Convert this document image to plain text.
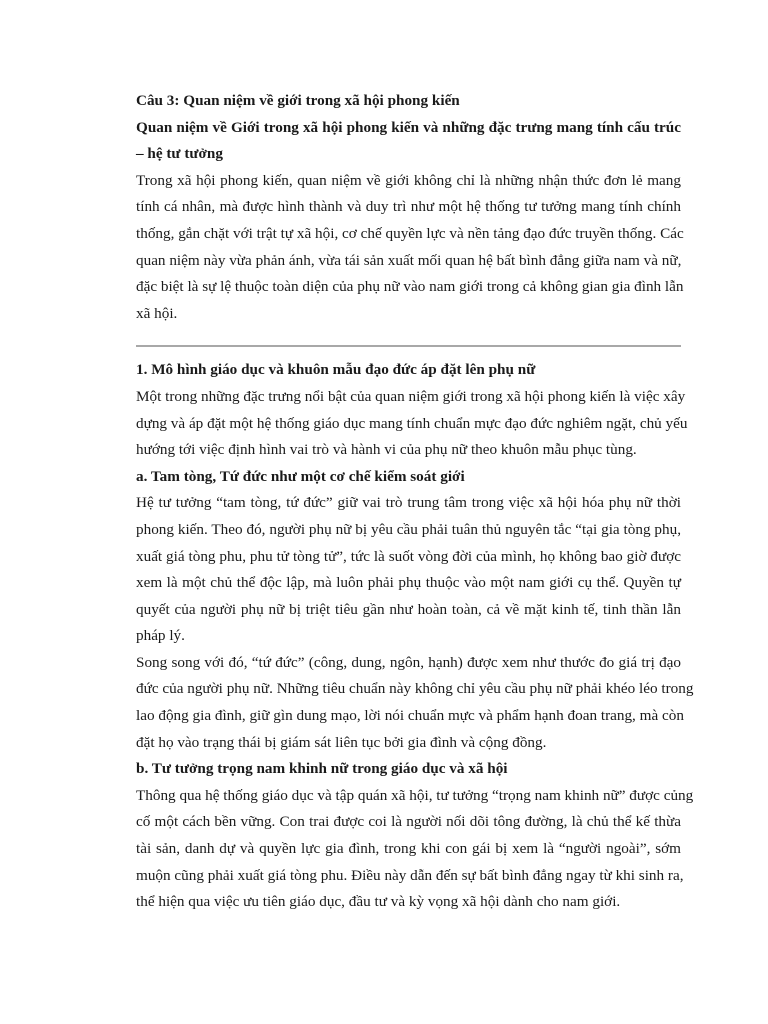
Câu 3: Quan niệm về giới trong xã hội phong kiến

Quan niệm về Giới trong xã hội phong kiến và những đặc trưng mang tính cấu trúc

– hệ tư tưởng

Trong xã hội phong kiến, quan niệm về giới không chỉ là những nhận thức đơn lẻ mang

tính cá nhân, mà được hình thành và duy trì như một hệ thống tư tưởng mang tính chính

thống, gắn chặt với trật tự xã hội, cơ chế quyền lực và nền tảng đạo đức truyền thống. Các

quan niệm này vừa phản ánh, vừa tái sản xuất mối quan hệ bất bình đẳng giữa nam và nữ,

đặc biệt là sự lệ thuộc toàn diện của phụ nữ vào nam giới trong cả không gian gia đình lẫn

xã hội.

1. Mô hình giáo dục và khuôn mẫu đạo đức áp đặt lên phụ nữ

Một trong những đặc trưng nổi bật của quan niệm giới trong xã hội phong kiến là việc xây

dựng và áp đặt một hệ thống giáo dục mang tính chuẩn mực đạo đức nghiêm ngặt, chủ yếu

hướng tới việc định hình vai trò và hành vi của phụ nữ theo khuôn mẫu phục tùng.

a. Tam tòng, Tứ đức như một cơ chế kiểm soát giới

Hệ tư tưởng “tam tòng, tứ đức” giữ vai trò trung tâm trong việc xã hội hóa phụ nữ thời

phong kiến. Theo đó, người phụ nữ bị yêu cầu phải tuân thủ nguyên tắc “tại gia tòng phụ,

xuất giá tòng phu, phu tử tòng tử”, tức là suốt vòng đời của mình, họ không bao giờ được

xem là một chủ thể độc lập, mà luôn phải phụ thuộc vào một nam giới cụ thể. Quyền tự

quyết của người phụ nữ bị triệt tiêu gần như hoàn toàn, cả về mặt kinh tế, tinh thần lẫn

pháp lý.

Song song với đó, “tứ đức” (công, dung, ngôn, hạnh) được xem như thước đo giá trị đạo

đức của người phụ nữ. Những tiêu chuẩn này không chỉ yêu cầu phụ nữ phải khéo léo trong

lao động gia đình, giữ gìn dung mạo, lời nói chuẩn mực và phẩm hạnh đoan trang, mà còn

đặt họ vào trạng thái bị giám sát liên tục bởi gia đình và cộng đồng.

b. Tư tưởng trọng nam khinh nữ trong giáo dục và xã hội

Thông qua hệ thống giáo dục và tập quán xã hội, tư tưởng “trọng nam khinh nữ” được củng

cố một cách bền vững. Con trai được coi là người nối dõi tông đường, là chủ thể kế thừa

tài sản, danh dự và quyền lực gia đình, trong khi con gái bị xem là “người ngoài”, sớm

muộn cũng phải xuất giá tòng phu. Điều này dẫn đến sự bất bình đẳng ngay từ khi sinh ra,

thể hiện qua việc ưu tiên giáo dục, đầu tư và kỳ vọng xã hội dành cho nam giới.
